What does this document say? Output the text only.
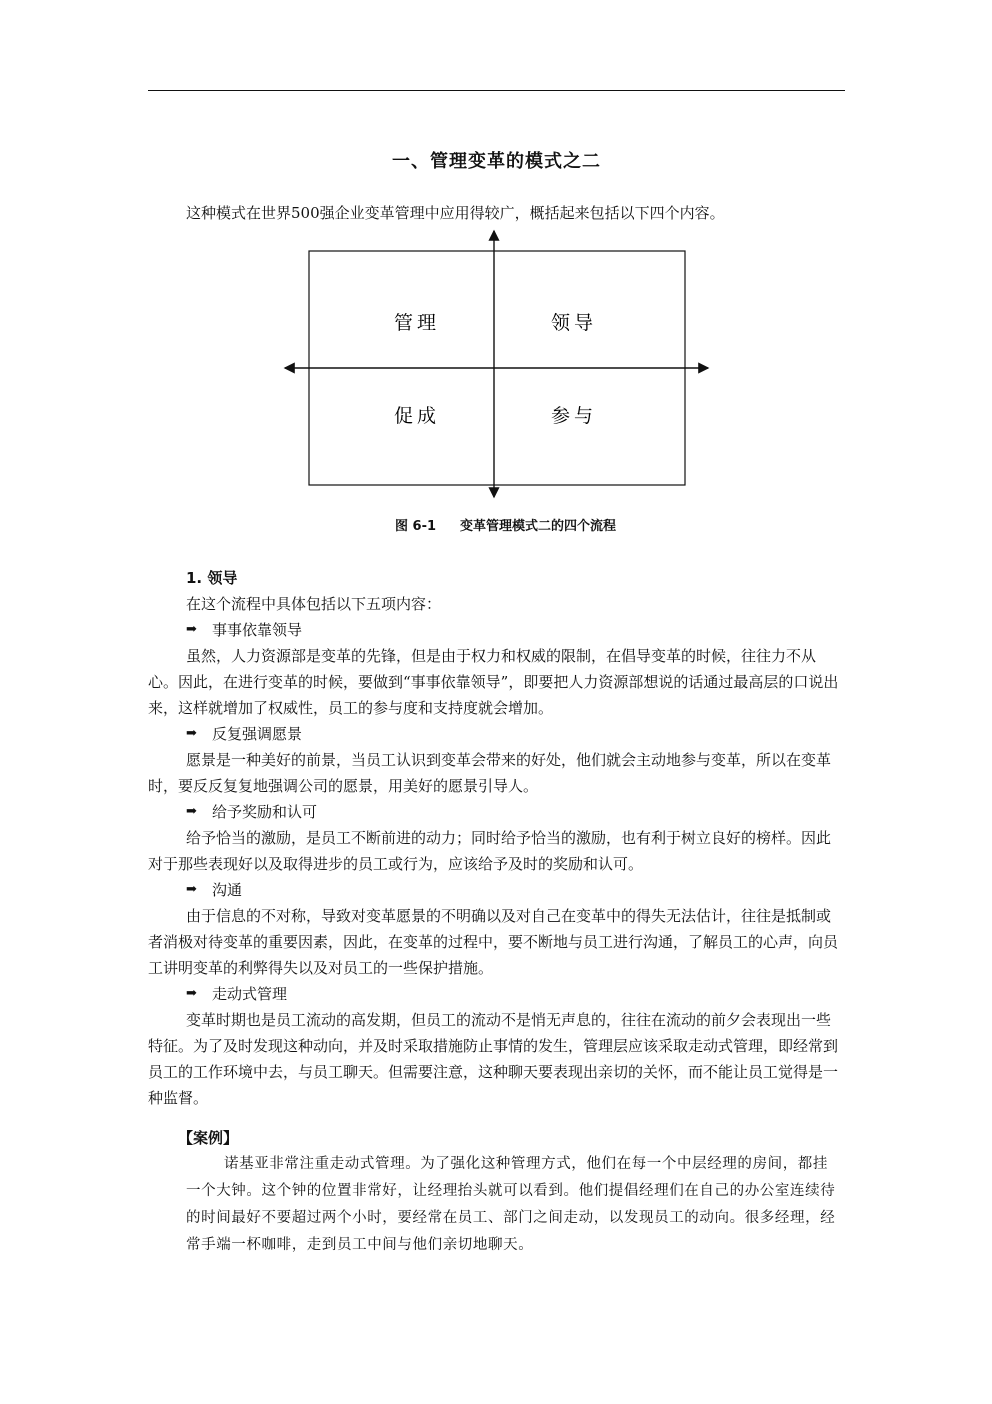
一、管理变革的模式之二
这种模式在世界500强企业变革管理中应用得较广，概括起来包括以下四个内容。
管理	领导
促成	参与
图 6-1 变革管理模式二的四个流程

1. 领导

在这个流程中具体包括以下五项内容：

➡ 事事依靠领导

虽然，人力资源部是变革的先锋，但是由于权力和权威的限制，在倡导变革的时候，往往力不从心。因此，在进行变革的时候，要做到“事事依靠领导”，即要把人力资源部想说的话通过最高层的口说出来，这样就增加了权威性，员工的参与度和支持度就会增加。

➡ 反复强调愿景

愿景是一种美好的前景，当员工认识到变革会带来的好处，他们就会主动地参与变革，所以在变革时，要反反复复地强调公司的愿景，用美好的愿景引导人。

➡ 给予奖励和认可

给予恰当的激励，是员工不断前进的动力；同时给予恰当的激励，也有利于树立良好的榜样。因此对于那些表现好以及取得进步的员工或行为，应该给予及时的奖励和认可。

➡ 沟通

由于信息的不对称，导致对变革愿景的不明确以及对自己在变革中的得失无法估计，往往是抵制或者消极对待变革的重要因素，因此，在变革的过程中，要不断地与员工进行沟通，了解员工的心声，向员工讲明变革的利弊得失以及对员工的一些保护措施。

➡ 走动式管理

变革时期也是员工流动的高发期，但员工的流动不是悄无声息的，往往在流动的前夕会表现出一些特征。为了及时发现这种动向，并及时采取措施防止事情的发生，管理层应该采取走动式管理，即经常到员工的工作环境中去，与员工聊天。但需要注意，这种聊天要表现出亲切的关怀，而不能让员工觉得是一种监督。

【案例】

诺基亚非常注重走动式管理。为了强化这种管理方式，他们在每一个中层经理的房间，都挂一个大钟。这个钟的位置非常好，让经理抬头就可以看到。他们提倡经理们在自己的办公室连续待的时间最好不要超过两个小时，要经常在员工、部门之间走动，以发现员工的动向。很多经理，经常手端一杯咖啡，走到员工中间与他们亲切地聊天。
